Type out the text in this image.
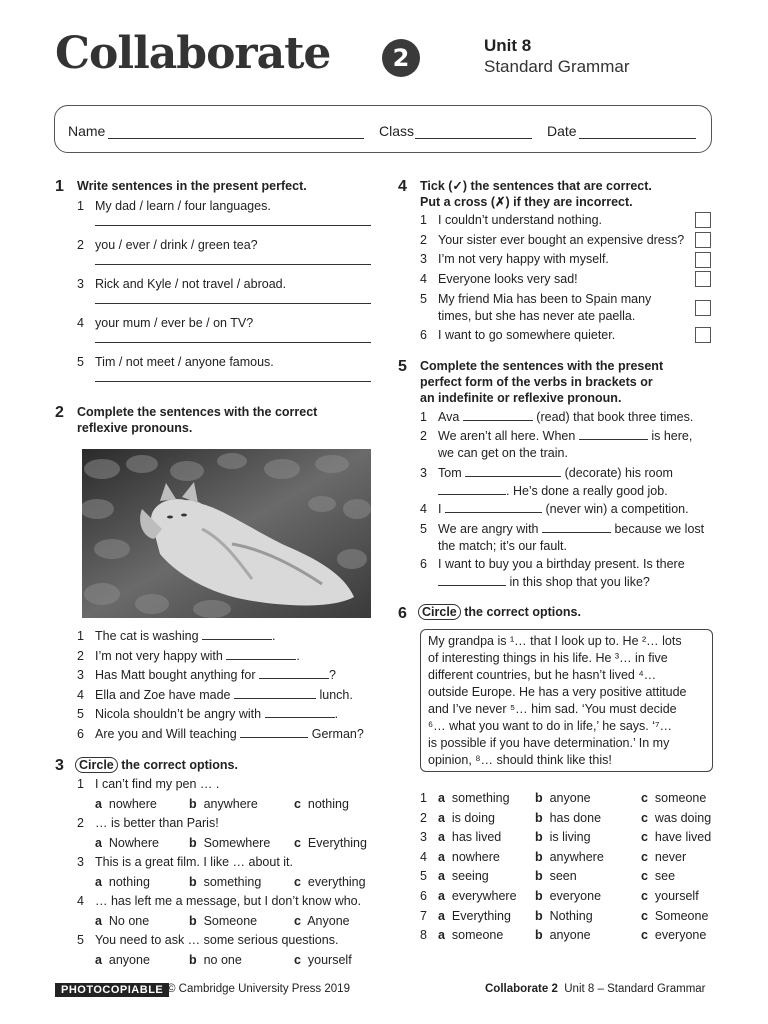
Collaborate	2	Unit 8
Standard Grammar
Name	Class	Date
1 Write sentences in the present perfect.
1 My dad / learn / four languages.
2 you / ever / drink / green tea?
3 Rick and Kyle / not travel / abroad.
4 your mum / ever be / on TV?
5 Tim / not meet / anyone famous.
2 Complete the sentences with the correct
reflexive pronouns.
1 The cat is washing	.
2 I’m not very happy with	.
3 Has Matt bought anything for	?
4 Ella and Zoe have made	lunch.
5 Nicola shouldn’t be angry with	.
6 Are you and Will teaching	German?
3	Circle the correct options.
1 I can’t find my pen … .
a nowhere	b anywhere	c nothing
2 … is better than Paris!
a Nowhere b Somewhere c Everything
3 This is a great film. I like … about it.
a nothing	b something	c everything
4 … has left me a message, but I don’t know who.
a No one	b Someone	c Anyone
5 You need to ask … some serious questions.
a anyone	b no one	c yourself
4 Tick (✓) the sentences that are correct.
Put a cross (✗) if they are incorrect.
1 I couldn’t understand nothing.
2 Your sister ever bought an expensive dress?
3 I’m not very happy with myself.
4 Everyone looks very sad!
5 My friend Mia has been to Spain many
times, but she has never ate paella.
6 I want to go somewhere quieter.
5 Complete the sentences with the present
perfect form of the verbs in brackets or
an indefinite or reflexive pronoun.
1 Ava	(read) that book three times.
2 We aren’t all here. When	is here,
we can get on the train.
3 Tom	(decorate) his room
. He’s done a really good job.
4 I	(never win) a competition.
5 We are angry with	because we lost
the match; it’s our fault.
6 I want to buy you a birthday present. Is there
in this shop that you like?
6	Circle the correct options.
My grandpa is ¹… that I look up to. He ²… lots
of interesting things in his life. He ³… in five
different countries, but he hasn’t lived ⁴…
outside Europe. He has a very positive attitude
and I’ve never ⁵… him sad. ‘You must decide
⁶… what you want to do in life,’ he says. ‘⁷…
is possible if you have determination.’ In my
opinion, ⁸… should think like this!
1 a something b anyone	c someone
2 a is doing	b has done	c was doing
3 a has lived	b is living	c have lived
4 a nowhere	b anywhere	c never
5 a seeing	b seen	c see
6 a everywhere b everyone	c yourself
7 a Everything b Nothing	c Someone
8 a someone	b anyone	c everyone
PHOTOCOPIABLE © Cambridge University Press 2019	Collaborate 2 Unit 8 – Standard Grammar
